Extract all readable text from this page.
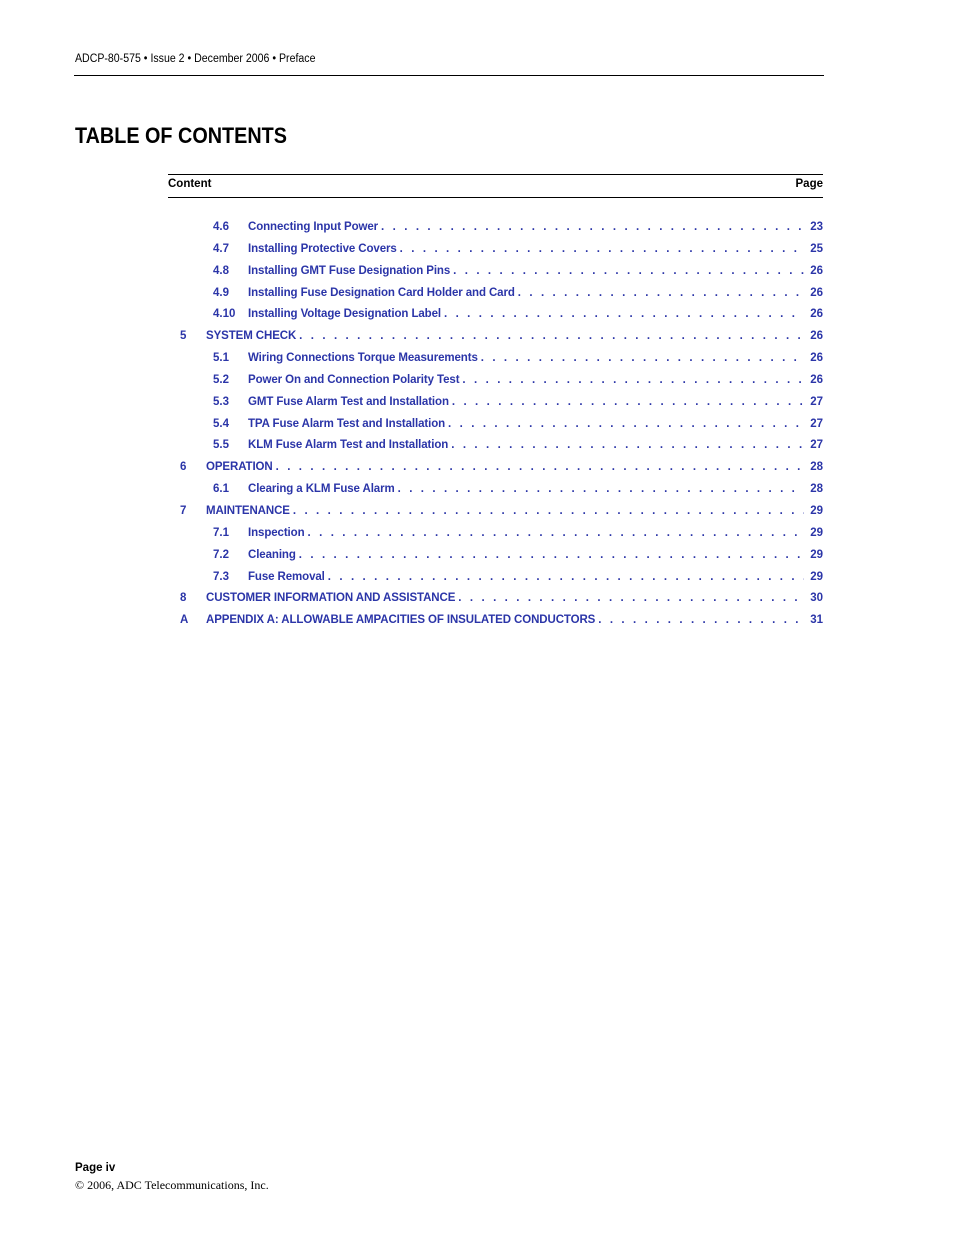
ADCP-80-575 • Issue 2 • December 2006 • Preface
TABLE OF CONTENTS
Content	Page
4.6 Connecting Input Power . . .	23
4.7 Installing Protective Covers . . .	25
4.8 Installing GMT Fuse Designation Pins . . .	26
4.9 Installing Fuse Designation Card Holder and Card . . .	26
4.10 Installing Voltage Designation Label . . .	26
5 SYSTEM CHECK . . .	26
5.1 Wiring Connections Torque Measurements . . .	26
5.2 Power On and Connection Polarity Test . . .	26
5.3 GMT Fuse Alarm Test and Installation . . .	27
5.4 TPA Fuse Alarm Test and Installation . . .	27
5.5 KLM Fuse Alarm Test and Installation . . .	27
6 OPERATION . . .	28
6.1 Clearing a KLM Fuse Alarm . . .	28
7 MAINTENANCE . . .	29
7.1 Inspection . . .	29
7.2 Cleaning . . .	29
7.3 Fuse Removal . . .	29
8 CUSTOMER INFORMATION AND ASSISTANCE . . .	30
A APPENDIX A: ALLOWABLE AMPACITIES OF INSULATED CONDUCTORS . . .	31
Page iv
© 2006, ADC Telecommunications, Inc.
